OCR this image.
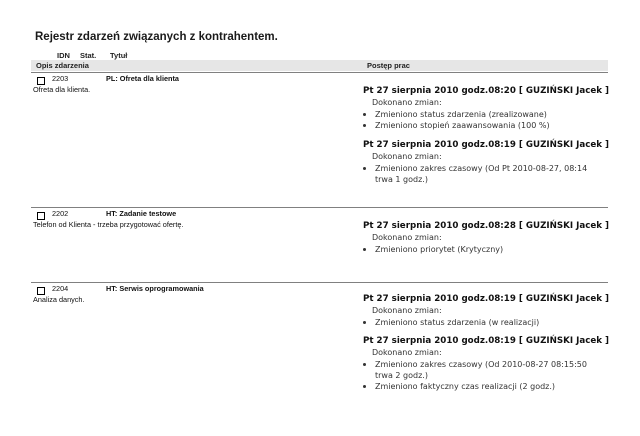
Rejestr zdarzeń związanych z kontrahentem.
IDN Stat. Tytuł
Opis zdarzenia	Postęp prac
2203	PL: Ofreta dla klienta
Ofreta dla klienta.	Pt 27 sierpnia 2010 godz.08:20 [ GUZIŃSKI Jacek ]
Dokonano zmian:
Zmieniono status zdarzenia (zrealizowane)
Zmieniono stopień zaawansowania (100 %)
Pt 27 sierpnia 2010 godz.08:19 [ GUZIŃSKI Jacek ]
Dokonano zmian:
Zmieniono zakres czasowy (Od Pt 2010-08-27, 08:14 trwa 1 godz.)
2202	HT: Zadanie testowe
Telefon od Klienta - trzeba przygotować ofertę.	Pt 27 sierpnia 2010 godz.08:28 [ GUZIŃSKI Jacek ]
Dokonano zmian:
Zmieniono priorytet (Krytyczny)
2204	HT: Serwis oprogramowania
Analiza danych.	Pt 27 sierpnia 2010 godz.08:19 [ GUZIŃSKI Jacek ]
Dokonano zmian:
Zmieniono status zdarzenia (w realizacji)
Pt 27 sierpnia 2010 godz.08:19 [ GUZIŃSKI Jacek ]
Dokonano zmian:
Zmieniono zakres czasowy (Od 2010-08-27 08:15:50 trwa 2 godz.)
Zmieniono faktyczny czas realizacji (2 godz.)
